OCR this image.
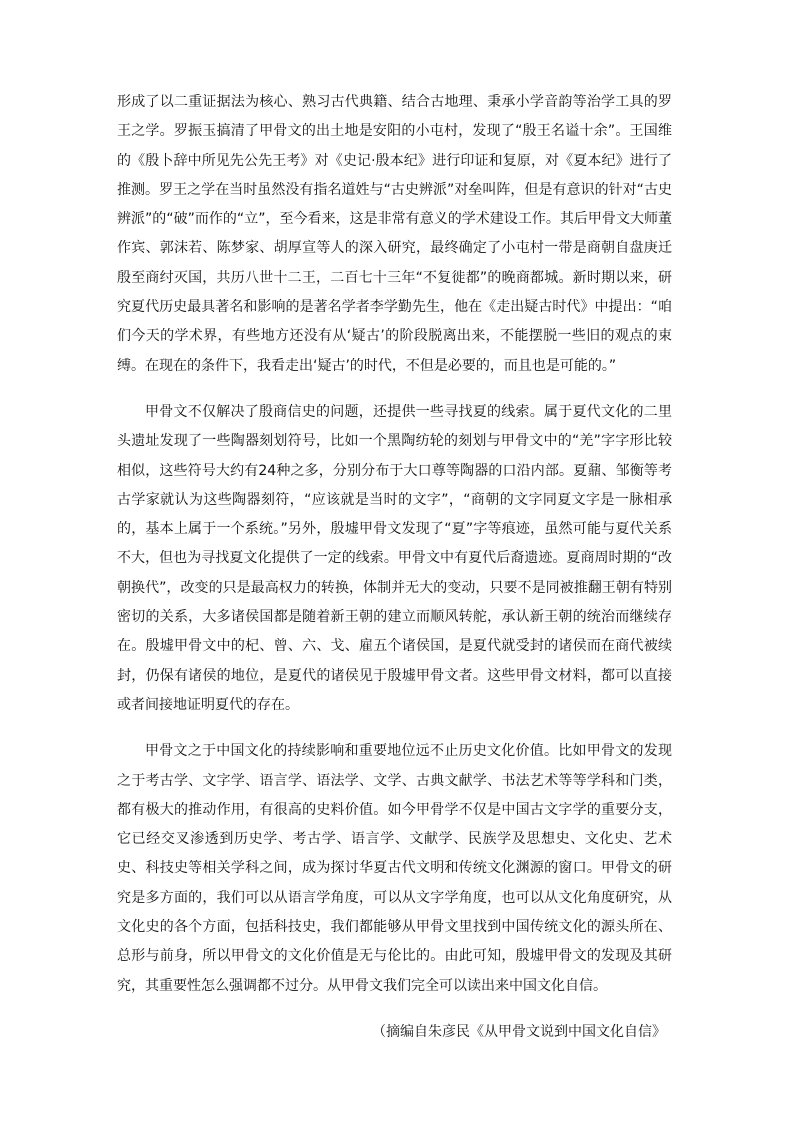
形成了以二重证据法为核心、熟习古代典籍、结合古地理、秉承小学音韵等治学工具的罗王之学。罗振玉搞清了甲骨文的出土地是安阳的小屯村，发现了“殷王名谥十余”。王国维的《殷卜辞中所见先公先王考》对《史记·殷本纪》进行印证和复原，对《夏本纪》进行了推测。罗王之学在当时虽然没有指名道姓与“古史辨派”对垒叫阵，但是有意识的针对“古史辨派”的“破”而作的“立”，至今看来，这是非常有意义的学术建设工作。其后甲骨文大师董作宾、郭沫若、陈梦家、胡厚宣等人的深入研究，最终确定了小屯村一带是商朝自盘庚迁殷至商纣灭国，共历八世十二王，二百七十三年“不复徙都”的晚商都城。新时期以来，研究夏代历史最具著名和影响的是著名学者李学勤先生，他在《走出疑古时代》中提出：“咱们今天的学术界，有些地方还没有从‘疑古’的阶段脱离出来，不能摆脱一些旧的观点的束缚。在现在的条件下，我看走出‘疑古’的时代，不但是必要的，而且也是可能的。”

甲骨文不仅解决了殷商信史的问题，还提供一些寻找夏的线索。属于夏代文化的二里头遗址发现了一些陶器刻划符号，比如一个黑陶纺轮的刻划与甲骨文中的“羌”字字形比较相似，这些符号大约有24种之多，分别分布于大口尊等陶器的口沿内部。夏鼐、邹衡等考古学家就认为这些陶器刻符，“应该就是当时的文字”，“商朝的文字同夏文字是一脉相承的，基本上属于一个系统。”另外，殷墟甲骨文发现了“夏”字等痕迹，虽然可能与夏代关系不大，但也为寻找夏文化提供了一定的线索。甲骨文中有夏代后裔遗迹。夏商周时期的“改朝换代”，改变的只是最高权力的转换，体制并无大的变动，只要不是同被推翻王朝有特别密切的关系，大多诸侯国都是随着新王朝的建立而顺风转舵，承认新王朝的统治而继续存在。殷墟甲骨文中的杞、曾、六、戈、雇五个诸侯国，是夏代就受封的诸侯而在商代被续封，仍保有诸侯的地位，是夏代的诸侯见于殷墟甲骨文者。这些甲骨文材料，都可以直接或者间接地证明夏代的存在。

甲骨文之于中国文化的持续影响和重要地位远不止历史文化价值。比如甲骨文的发现之于考古学、文字学、语言学、语法学、文学、古典文献学、书法艺术等等学科和门类，都有极大的推动作用，有很高的史料价值。如今甲骨学不仅是中国古文字学的重要分支，它已经交叉渗透到历史学、考古学、语言学、文献学、民族学及思想史、文化史、艺术史、科技史等相关学科之间，成为探讨华夏古代文明和传统文化渊源的窗口。甲骨文的研究是多方面的，我们可以从语言学角度，可以从文字学角度，也可以从文化角度研究，从文化史的各个方面，包括科技史，我们都能够从甲骨文里找到中国传统文化的源头所在、总形与前身，所以甲骨文的文化价值是无与伦比的。由此可知，殷墟甲骨文的发现及其研究，其重要性怎么强调都不过分。从甲骨文我们完全可以读出来中国文化自信。

（摘编自朱彦民《从甲骨文说到中国文化自信》
